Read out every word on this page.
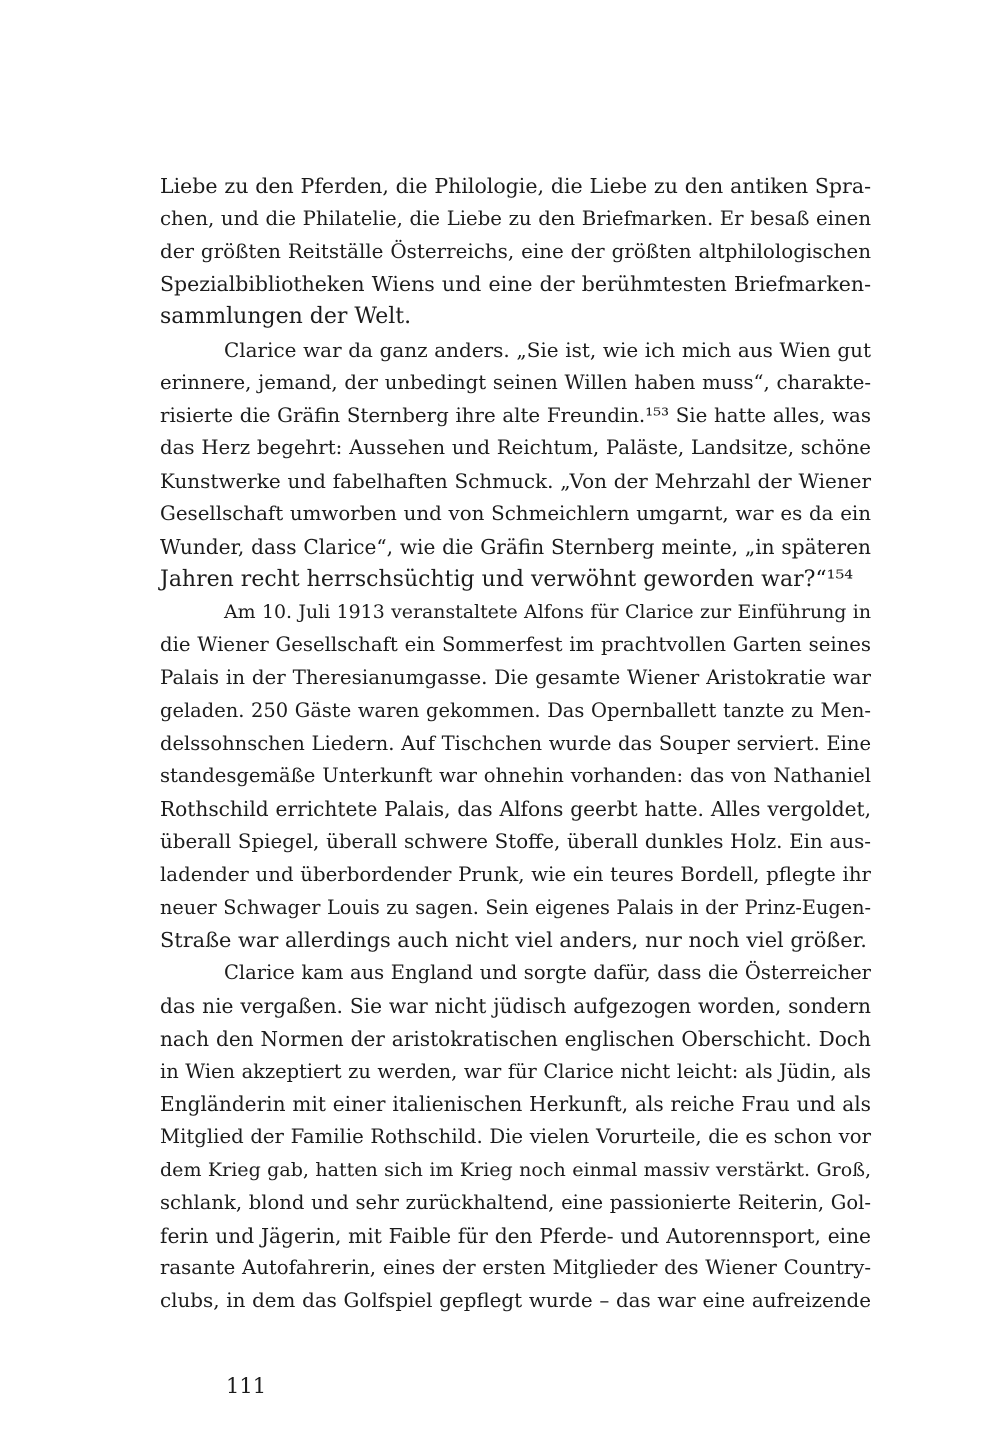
Liebe zu den Pferden, die Philologie, die Liebe zu den antiken Spra-
chen, und die Philatelie, die Liebe zu den Briefmarken. Er besaß einen
der größten Reitställe Österreichs, eine der größten altphilologischen
Spezialbibliotheken Wiens und eine der berühmtesten Briefmarken-
sammlungen der Welt.
Clarice war da ganz anders. „Sie ist, wie ich mich aus Wien gut
erinnere, jemand, der unbedingt seinen Willen haben muss“, charakte-
risierte die Gräfin Sternberg ihre alte Freundin.¹⁵³ Sie hatte alles, was
das Herz begehrt: Aussehen und Reichtum, Paläste, Landsitze, schöne
Kunstwerke und fabelhaften Schmuck. „Von der Mehrzahl der Wiener
Gesellschaft umworben und von Schmeichlern umgarnt, war es da ein
Wunder, dass Clarice“, wie die Gräfin Sternberg meinte, „in späteren
Jahren recht herrschsüchtig und verwöhnt geworden war?“¹⁵⁴
Am 10. Juli 1913 veranstaltete Alfons für Clarice zur Einführung in
die Wiener Gesellschaft ein Sommerfest im prachtvollen Garten seines
Palais in der Theresianumgasse. Die gesamte Wiener Aristokratie war
geladen. 250 Gäste waren gekommen. Das Opernballett tanzte zu Men-
delssohnschen Liedern. Auf Tischchen wurde das Souper serviert. Eine
standesgemäße Unterkunft war ohnehin vorhanden: das von Nathaniel
Rothschild errichtete Palais, das Alfons geerbt hatte. Alles vergoldet,
überall Spiegel, überall schwere Stoffe, überall dunkles Holz. Ein aus-
ladender und überbordender Prunk, wie ein teures Bordell, pflegte ihr
neuer Schwager Louis zu sagen. Sein eigenes Palais in der Prinz-Eugen-
Straße war allerdings auch nicht viel anders, nur noch viel größer.
Clarice kam aus England und sorgte dafür, dass die Österreicher
das nie vergaßen. Sie war nicht jüdisch aufgezogen worden, sondern
nach den Normen der aristokratischen englischen Oberschicht. Doch
in Wien akzeptiert zu werden, war für Clarice nicht leicht: als Jüdin, als
Engländerin mit einer italienischen Herkunft, als reiche Frau und als
Mitglied der Familie Rothschild. Die vielen Vorurteile, die es schon vor
dem Krieg gab, hatten sich im Krieg noch einmal massiv verstärkt. Groß,
schlank, blond und sehr zurückhaltend, eine passionierte Reiterin, Gol-
ferin und Jägerin, mit Faible für den Pferde- und Autorennsport, eine
rasante Autofahrerin, eines der ersten Mitglieder des Wiener Country-
clubs, in dem das Golfspiel gepflegt wurde – das war eine aufreizende
111
